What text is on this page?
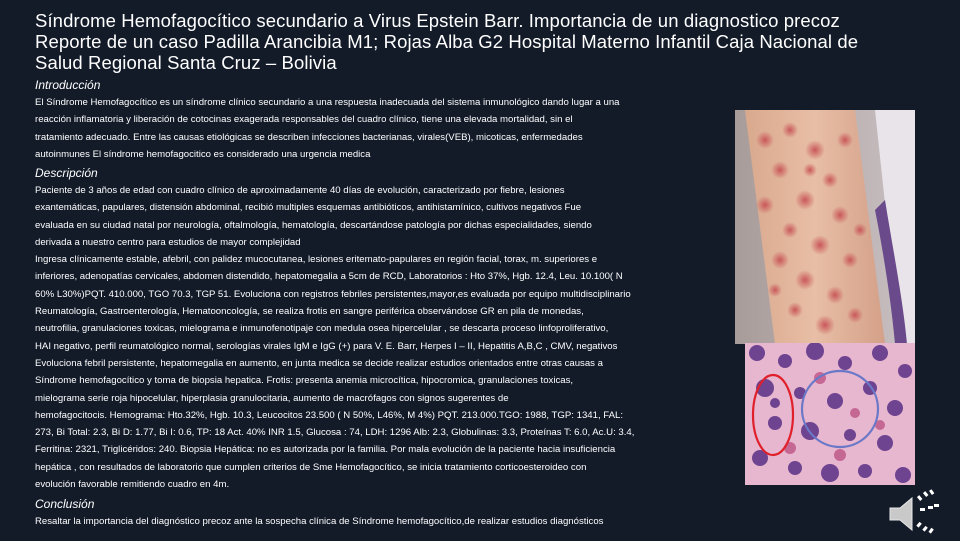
Síndrome Hemofagocítico secundario a Virus Epstein Barr. Importancia de un diagnostico precoz
Reporte de un caso Padilla Arancibia M1; Rojas Alba G2 Hospital Materno Infantil Caja Nacional de
Salud Regional Santa Cruz – Bolivia
Introducción
El Síndrome Hemofagocítico es un síndrome clínico secundario a una respuesta inadecuada del sistema inmunológico dando lugar a una
reacción inflamatoria y liberación de cotocinas exagerada responsables del cuadro clínico, tiene una elevada mortalidad, sin el
tratamiento adecuado. Entre las causas etiológicas se describen infecciones bacterianas, virales(VEB), micoticas, enfermedades
autoinmunes El síndrome hemofagocitico es considerado una urgencia medica
Descripción
Paciente de 3 años de edad con cuadro clínico de aproximadamente 40 días de evolución, caracterizado por fiebre, lesiones
exantemáticas, papulares, distensión abdominal, recibió multiples esquemas antibióticos, antihistamínico, cultivos negativos Fue
evaluada en su ciudad natal por neurología, oftalmología, hematología, descartándose patología por dichas especialidades, siendo
derivada a nuestro centro para estudios de mayor complejidad
Ingresa clínicamente estable, afebril, con palidez mucocutanea, lesiones eritemato-papulares en región facial, torax, m. superiores e
inferiores, adenopatías cervicales, abdomen distendido, hepatomegalia a 5cm de RCD, Laboratorios : Hto 37%, Hgb. 12.4, Leu. 10.100( N
60% L30%)PQT. 410.000, TGO 70.3, TGP 51. Evoluciona con registros febriles persistentes,mayor,es evaluada por equipo multidisciplinario
Reumatología, Gastroenterología, Hematooncología, se realiza frotis en sangre periférica observándose GR en pila de monedas,
neutrofilia, granulaciones toxicas, mielograma e inmunofenotipaje con medula osea hipercelular , se descarta proceso linfoproliferativo,
HAI negativo, perfil reumatológico normal, serologías virales IgM e IgG (+) para V. E. Barr, Herpes I – II, Hepatitis A,B,C , CMV, negativos
Evoluciona febril persistente, hepatomegalia en aumento, en junta medica se decide realizar estudios orientados entre otras causas a
Síndrome hemofagocítico y toma de biopsia hepatica. Frotis: presenta anemia microcítica, hipocromica, granulaciones toxicas,
mielograma serie roja hipocelular, hiperplasia granulocitaria, aumento de macrófagos con signos sugerentes de
hemofagocitocis. Hemograma: Hto.32%, Hgb. 10.3, Leucocitos 23.500 ( N 50%, L46%, M 4%) PQT. 213.000.TGO: 1988, TGP: 1341, FAL:
273, Bi Total: 2.3, Bi D: 1.77, Bi I: 0.6, TP: 18 Act. 40% INR 1.5, Glucosa : 74, LDH: 1296 Alb: 2.3, Globulinas: 3.3, Proteínas T: 6.0, Ac.U: 3.4,
Ferritina: 2321, Triglicéridos: 240. Biopsia Hepática: no es autorizada por la familia. Por mala evolución de la paciente hacia insuficiencia
hepática , con resultados de laboratorio que cumplen criterios de Sme Hemofagocítico, se inicia tratamiento corticoesteroideo con
evolución favorable remitiendo cuadro en 4m.
Conclusión
Resaltar la importancia del diagnóstico precoz ante la sospecha clínica de Síndrome hemofagocítico,de realizar estudios diagnósticos
